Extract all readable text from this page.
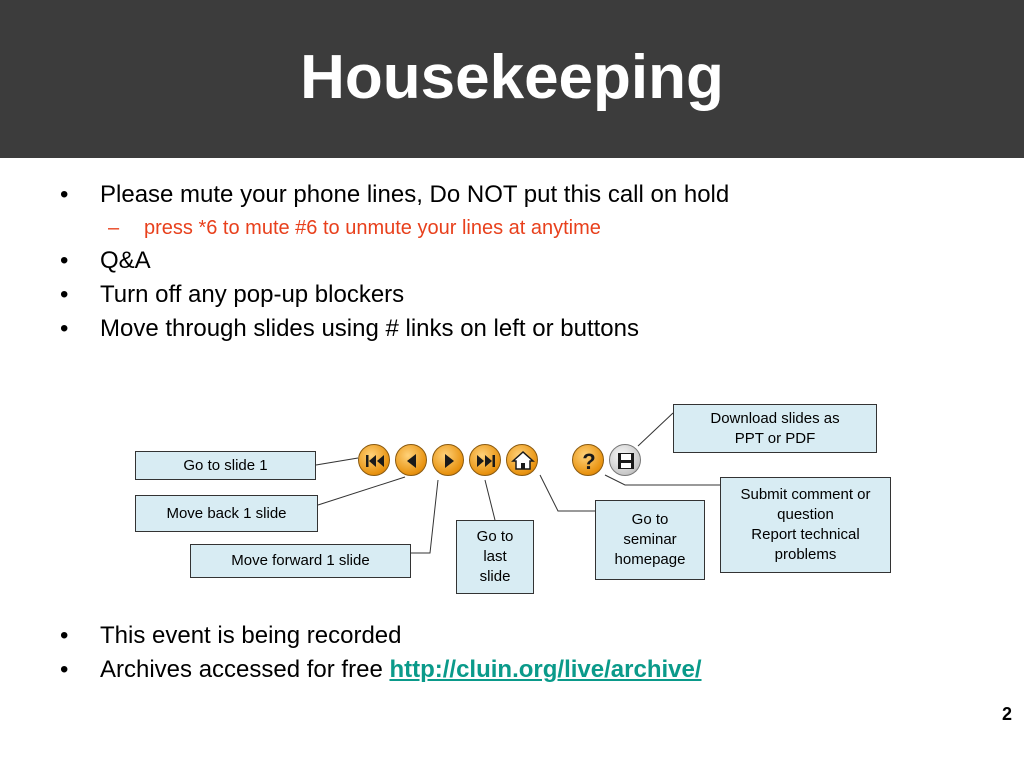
Housekeeping
• Please mute your phone lines, Do NOT put this call on hold
– press *6 to mute #6 to unmute your lines at anytime
• Q&A
• Turn off any pop-up blockers
• Move through slides using # links on left or buttons
?
Go to slide 1
Move back 1 slide
Move forward 1 slide
Go to
last
slide
Go to
seminar
homepage
Download slides as
PPT or PDF
Submit comment or
question
Report technical
problems
• This event is being recorded
• Archives accessed for free http://cluin.org/live/archive/
2
